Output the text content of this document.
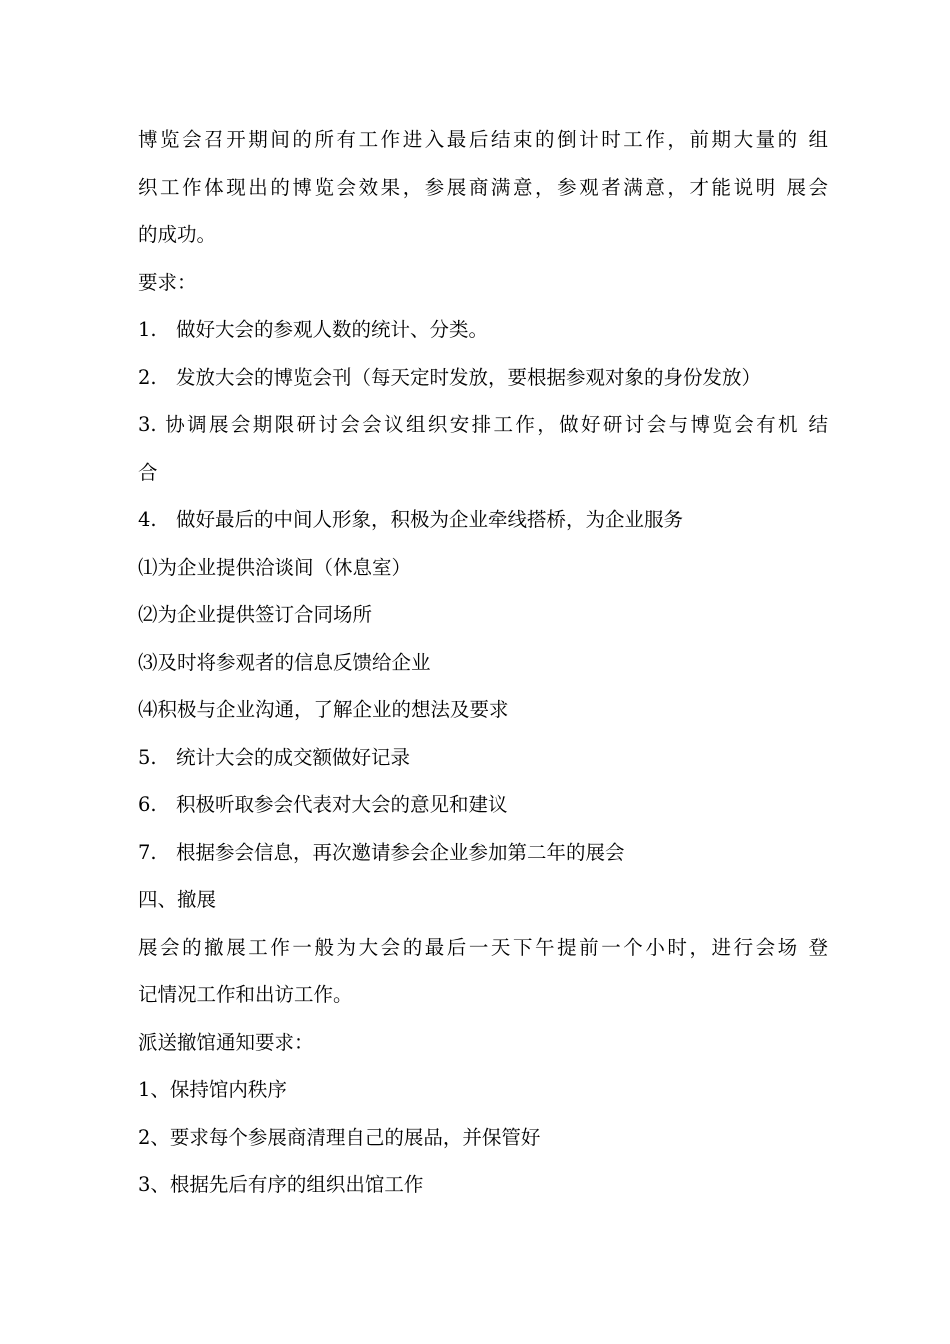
博览会召开期间的所有工作进入最后结束的倒计时工作，前期大量的 组
织工作体现出的博览会效果，参展商满意，参观者满意，才能说明 展会
的成功。
要求：
1. 做好大会的参观人数的统计、分类。
2. 发放大会的博览会刊（每天定时发放，要根据参观对象的身份发放）
3. 协调展会期限研讨会会议组织安排工作，做好研讨会与博览会有机 结
合
4. 做好最后的中间人形象，积极为企业牵线搭桥，为企业服务
⑴为企业提供洽谈间（休息室）
⑵为企业提供签订合同场所
⑶及时将参观者的信息反馈给企业
⑷积极与企业沟通，了解企业的想法及要求
5. 统计大会的成交额做好记录
6. 积极听取参会代表对大会的意见和建议
7. 根据参会信息，再次邀请参会企业参加第二年的展会
四、撤展
展会的撤展工作一般为大会的最后一天下午提前一个小时，进行会场 登
记情况工作和出访工作。
派送撤馆通知要求：
1、保持馆内秩序
2、要求每个参展商清理自己的展品，并保管好
3、根据先后有序的组织出馆工作
